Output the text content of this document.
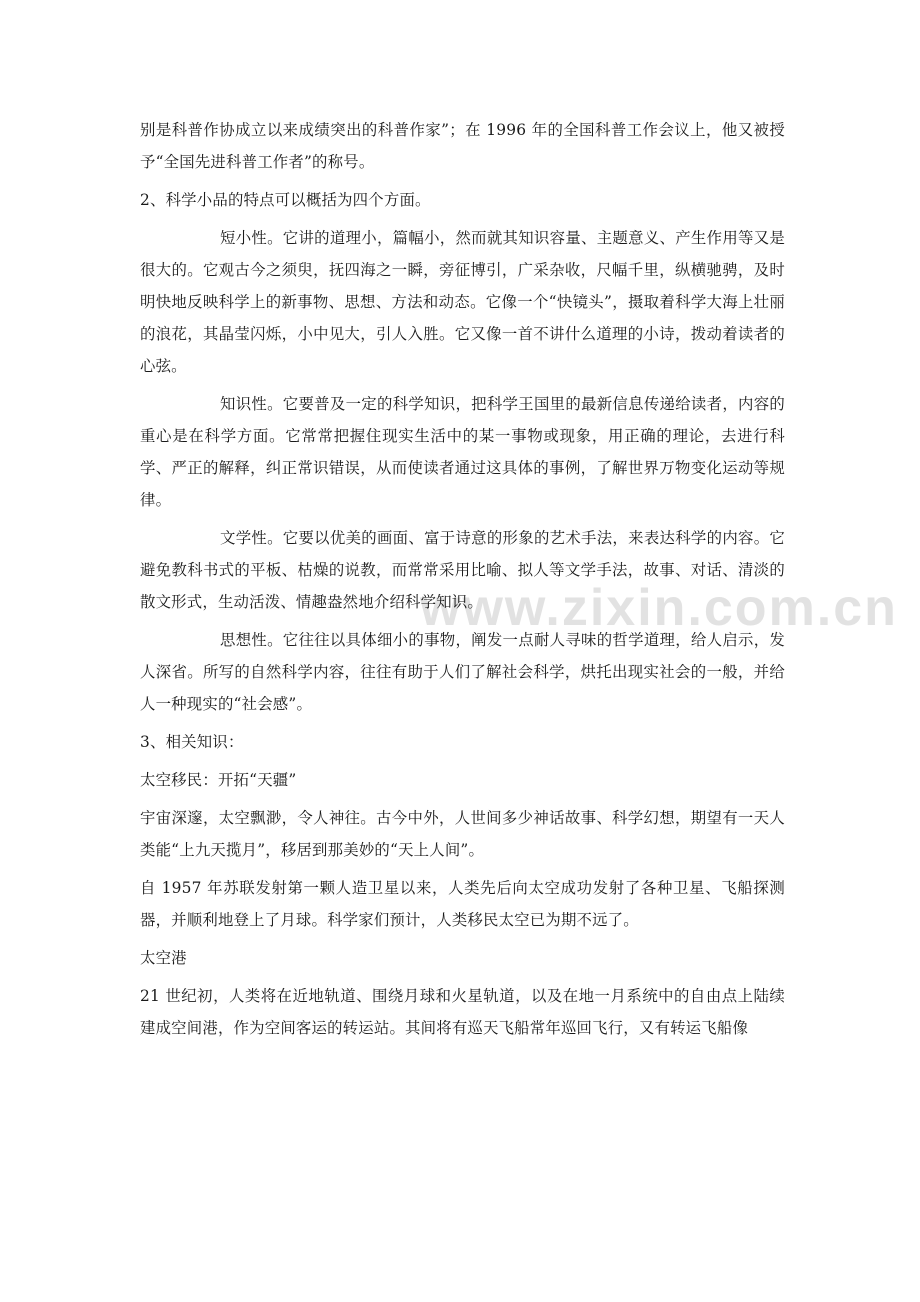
www.zixin.com.cn

别是科普作协成立以来成绩突出的科普作家”；在 1996 年的全国科普工作会议上，他又被授予“全国先进科普工作者”的称号。

2、科学小品的特点可以概括为四个方面。

短小性。它讲的道理小，篇幅小，然而就其知识容量、主题意义、产生作用等又是很大的。它观古今之须臾，抚四海之一瞬，旁征博引，广采杂收，尺幅千里，纵横驰骋，及时明快地反映科学上的新事物、思想、方法和动态。它像一个“快镜头”，摄取着科学大海上壮丽的浪花，其晶莹闪烁，小中见大，引人入胜。它又像一首不讲什么道理的小诗，拨动着读者的心弦。

知识性。它要普及一定的科学知识，把科学王国里的最新信息传递给读者，内容的重心是在科学方面。它常常把握住现实生活中的某一事物或现象，用正确的理论，去进行科学、严正的解释，纠正常识错误，从而使读者通过这具体的事例，了解世界万物变化运动等规律。

文学性。它要以优美的画面、富于诗意的形象的艺术手法，来表达科学的内容。它避免教科书式的平板、枯燥的说教，而常常采用比喻、拟人等文学手法，故事、对话、清淡的散文形式，生动活泼、情趣盎然地介绍科学知识。

思想性。它往往以具体细小的事物，阐发一点耐人寻味的哲学道理，给人启示，发人深省。所写的自然科学内容，往往有助于人们了解社会科学，烘托出现实社会的一般，并给人一种现实的“社会感”。

3、相关知识：

太空移民：开拓“天疆”

宇宙深邃，太空飘渺，令人神往。古今中外，人世间多少神话故事、科学幻想，期望有一天人类能“上九天揽月”，移居到那美妙的“天上人间”。

自 1957 年苏联发射第一颗人造卫星以来，人类先后向太空成功发射了各种卫星、飞船探测器，并顺利地登上了月球。科学家们预计，人类移民太空已为期不远了。

太空港

21 世纪初，人类将在近地轨道、围绕月球和火星轨道，以及在地一月系统中的自由点上陆续建成空间港，作为空间客运的转运站。其间将有巡天飞船常年巡回飞行，又有转运飞船像
